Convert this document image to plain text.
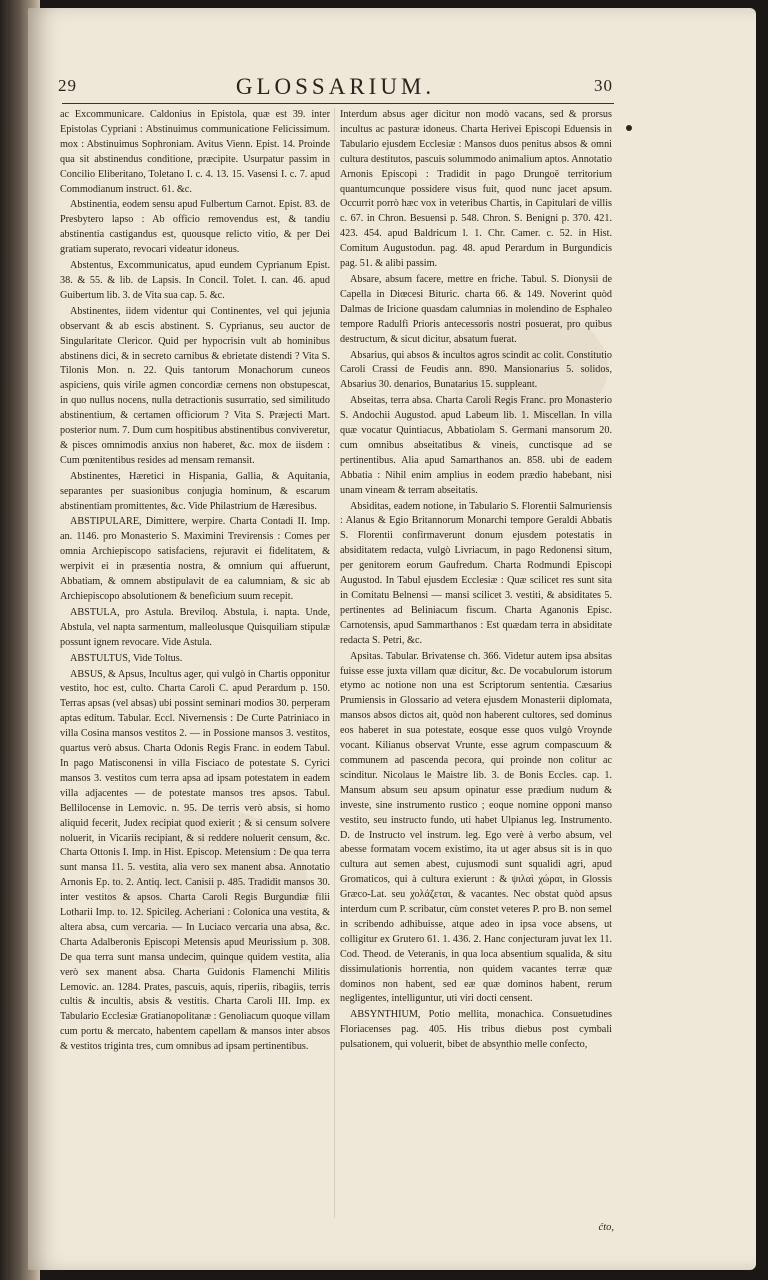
29	GLOSSARIUM.	30

ac Excommunicare. Caldonius in Epistola, quæ est 39. inter Epistolas Cypriani : Abstinuimus communicatione Felicissimum. mox : Abstinuimus Sophroniam. Avitus Vienn. Epist. 14. Proinde qua sit abstinendus conditione, præcipite. Usurpatur passim in Concilio Eliberitano, Toletano I. c. 4. 13. 15. Vasensi I. c. 7. apud Commodianum instruct. 61. &c.

Abstinentia, eodem sensu apud Fulbertum Carnot. Epist. 83. de Presbytero lapso : Ab officio removendus est, & tandiu abstinentia castigandus est, quousque relicto vitio, & per Dei gratiam superato, revocari videatur idoneus.

Abstentus, Excommunicatus, apud eundem Cyprianum Epist. 38. & 55. & lib. de Lapsis. In Concil. Tolet. I. can. 46. apud Guibertum lib. 3. de Vita sua cap. 5. &c.

Abstinentes, iidem videntur qui Continentes, vel qui jejunia observant & ab escis abstinent. S. Cyprianus, seu auctor de Singularitate Clericor. Quid per hypocrisin vult ab hominibus abstinens dici, & in secreto carnibus & ebrietate distendi ? Vita S. Tilonis Mon. n. 22. Quis tantorum Monachorum cuneos aspiciens, quis virile agmen concordiæ cernens non obstupescat, in quo nullus nocens, nulla detractionis susurratio, sed similitudo abstinentium, & certamen officiorum ? Vita S. Præjecti Mart. posterior num. 7. Dum cum hospitibus abstinentibus conviveretur, & pisces omnimodis anxius non haberet, &c. mox de iisdem : Cum pœnitentibus resides ad mensam remansit.

Abstinentes, Hæretici in Hispania, Gallia, & Aquitania, separantes per suasionibus conjugia hominum, & escarum abstinentiam promittentes, &c. Vide Philastrium de Hæresibus.

ABSTIPULARE, Dimittere, werpire. Charta Contadi II. Imp. an. 1146. pro Monasterio S. Maximini Trevirensis : Comes per omnia Archiepiscopo satisfaciens, rejuravit ei fidelitatem, & werpivit ei in præsentia nostra, & omnium qui affuerunt, Abbatiam, & omnem abstipulavit de ea calumniam, & sic ab Archiepiscopo absolutionem & beneficium suum recepit.

ABSTULA, pro Astula. Breviloq. Abstula, i. napta. Unde, Abstula, vel napta sarmentum, malleolusque Quisquiliam stipulæ possunt ignem revocare. Vide Astula.

ABSTULTUS, Vide Toltus.

ABSUS, & Apsus, Incultus ager, qui vulgò in Chartis opponitur vestito, hoc est, culto. Charta Caroli C. apud Perardum p. 150. Terras apsas (vel absas) ubi possint seminari modios 30. perperam aptas editum. Tabular. Eccl. Nivernensis : De Curte Patriniaco in villa Cosina mansos vestitos 2. — in Possione mansos 3. vestitos, quartus verò absus. Charta Odonis Regis Franc. in eodem Tabul. In pago Matisconensi in villa Fisciaco de potestate S. Cyrici mansos 3. vestitos cum terra apsa ad ipsam potestatem in eadem villa adjacentes — de potestate mansos tres apsos. Tabul. Bellilocense in Lemovic. n. 95. De terris verò absis, si homo aliquid fecerit, Judex recipiat quod exierit ; & si censum solvere noluerit, in Vicariis recipiant, & si reddere noluerit censum, &c. Charta Ottonis I. Imp. in Hist. Episcop. Metensium : De qua terra sunt mansa 11. 5. vestita, alia vero sex manent absa. Annotatio Arnonis Ep. to. 2. Antiq. lect. Canisii p. 485. Tradidit mansos 30. inter vestitos & apsos. Charta Caroli Regis Burgundiæ filii Lotharii Imp. to. 12. Spicileg. Acheriani : Colonica una vestita, & altera absa, cum vercaria. — In Luciaco vercaria una absa, &c. Charta Adalberonis Episcopi Metensis apud Meurissium p. 308. De qua terra sunt mansa undecim, quinque quidem vestita, alia verò sex manent absa. Charta Guidonis Flamenchi Militis Lemovic. an. 1284. Prates, pascuis, aquis, riperiis, ribagiis, terris cultis & incultis, absis & vestitis. Charta Caroli III. Imp. ex Tabulario Ecclesiæ Gratianopolitanæ : Genoliacum quoque villam cum portu & mercato, habentem capellam & mansos inter absos & vestitos triginta tres, cum omnibus ad ipsam pertinentibus.

Interdum absus ager dicitur non modò vacans, sed & prorsus incultus ac pasturæ idoneus. Charta Herivei Episcopi Eduensis in Tabulario ejusdem Ecclesiæ : Mansos duos penitus absos & omni cultura destitutos, pascuis solummodo animalium aptos. Annotatio Arnonis Episcopi : Tradidit in pago Drungoë territorium quantumcunque possidere visus fuit, quod nunc jacet apsum. Occurrit porrò hæc vox in veteribus Chartis, in Capitulari de villis c. 67. in Chron. Besuensi p. 548. Chron. S. Benigni p. 370. 421. 423. 454. apud Baldricum l. 1. Chr. Camer. c. 52. in Hist. Comitum Augustodun. pag. 48. apud Perardum in Burgundicis pag. 51. & alibi passim.

Absare, absum facere, mettre en friche. Tabul. S. Dionysii de Capella in Diœcesi Bituric. charta 66. & 149. Noverint quòd Dalmas de Iricione quasdam calumnias in molendino de Esphaleo tempore Radulfi Prioris antecessoris nostri posuerat, pro quibus destructum, & sicut dicitur, absatum fuerat.

Absarius, qui absos & incultos agros scindit ac colit. Constitutio Caroli Crassi de Feudis ann. 890. Mansionarius 5. solidos, Absarius 30. denarios, Bunatarius 15. suppleant.

Abseitas, terra absa. Charta Caroli Regis Franc. pro Monasterio S. Andochii Augustod. apud Labeum lib. 1. Miscellan. In villa quæ vocatur Quintiacus, Abbatiolam S. Germani mansorum 20. cum omnibus abseitatibus & vineis, cunctisque ad se pertinentibus. Alia apud Samarthanos an. 858. ubi de eadem Abbatia : Nihil enim amplius in eodem prædio habebant, nisi unam vineam & terram abseitatis.

Absiditas, eadem notione, in Tabulario S. Florentii Salmuriensis : Alanus & Egio Britannorum Monarchi tempore Geraldi Abbatis S. Florentii confirmaverunt donum ejusdem potestatis in absiditatem redacta, vulgò Livriacum, in pago Redonensi situm, per genitorem eorum Gaufredum. Charta Rodmundi Episcopi Augustod. In Tabul ejusdem Ecclesiæ : Quæ scilicet res sunt sita in Comitatu Belnensi — mansi scilicet 3. vestiti, & absiditates 5. pertinentes ad Beliniacum fiscum. Charta Aganonis Episc. Carnotensis, apud Sammarthanos : Est quædam terra in absiditate redacta S. Petri, &c.

Apsitas. Tabular. Brivatense ch. 366. Videtur autem ipsa absitas fuisse esse juxta villam quæ dicitur, &c. De vocabulorum istorum etymo ac notione non una est Scriptorum sententia. Cæsarius Prumiensis in Glossario ad vetera ejusdem Monasterii diplomata, mansos absos dictos ait, quòd non haberent cultores, sed dominus eos haberet in sua potestate, eosque esse quos vulgò Vroynde vocant. Kilianus observat Vrunte, esse agrum compascuum & communem ad pascenda pecora, qui proinde non colitur ac scinditur. Nicolaus le Maistre lib. 3. de Bonis Eccles. cap. 1. Mansum absum seu apsum opinatur esse prædium nudum & investe, sine instrumento rustico ; eoque nomine opponi manso vestito, seu instructo fundo, uti habet Ulpianus leg. Instrumento. D. de Instructo vel instrum. leg. Ego verè à verbo absum, vel abesse formatam vocem existimo, ita ut ager absus sit is in quo cultura aut semen abest, cujusmodi sunt squalidi agri, apud Gromaticos, qui à cultura exierunt : & ψιλαὶ χώραι, in Glossis Græco-Lat. seu χολάζεται, & vacantes. Nec obstat quòd apsus interdum cum P. scribatur, cùm constet veteres P. pro B. non semel in scribendo adhibuisse, atque adeo in ipsa voce absens, ut colligitur ex Grutero 61. 1. 436. 2. Hanc conjecturam juvat lex 11. Cod. Theod. de Veteranis, in qua loca absentium squalida, & situ dissimulationis horrentia, non quidem vacantes terræ quæ dominos non habent, sed eæ quæ dominos habent, rerum negligentes, intelliguntur, uti viri docti censent.

ABSYNTHIUM, Potio mellita, monachica. Consuetudines Floriacenses pag. 405. His tribus diebus post cymbali pulsationem, qui voluerit, bibet de absynthio melle confecto,

ćto,
